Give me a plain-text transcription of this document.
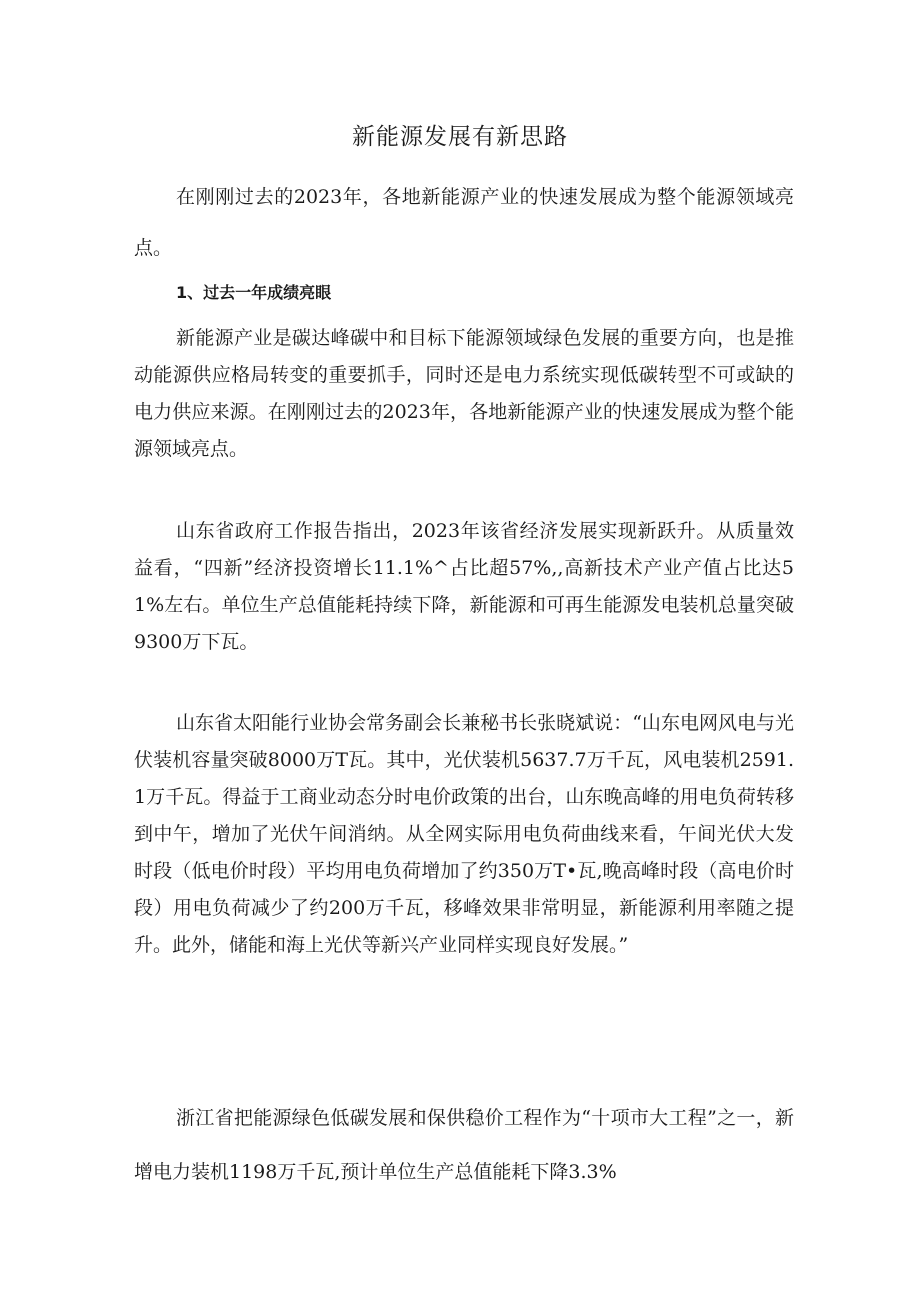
新能源发展有新思路

在刚刚过去的2023年，各地新能源产业的快速发展成为整个能源领域亮点。

1、过去一年成绩亮眼

新能源产业是碳达峰碳中和目标下能源领域绿色发展的重要方向，也是推动能源供应格局转变的重要抓手，同时还是电力系统实现低碳转型不可或缺的电力供应来源。在刚刚过去的2023年，各地新能源产业的快速发展成为整个能源领域亮点。

山东省政府工作报告指出，2023年该省经济发展实现新跃升。从质量效益看，“四新”经济投资增长11.1%^占比超57%,,高新技术产业产值占比达51%左右。单位生产总值能耗持续下降，新能源和可再生能源发电装机总量突破9300万下瓦。

山东省太阳能行业协会常务副会长兼秘书长张晓斌说：“山东电网风电与光伏装机容量突破8000万T瓦。其中，光伏装机5637.7万千瓦，风电装机2591.1万千瓦。得益于工商业动态分时电价政策的出台，山东晚高峰的用电负荷转移到中午，增加了光伏午间消纳。从全网实际用电负荷曲线来看，午间光伏大发时段（低电价时段）平均用电负荷增加了约350万T•瓦,晚高峰时段（高电价时段）用电负荷减少了约200万千瓦，移峰效果非常明显，新能源利用率随之提升。此外，储能和海上光伏等新兴产业同样实现良好发展。”

浙江省把能源绿色低碳发展和保供稳价工程作为“十项市大工程”之一，新增电力装机1198万千瓦,预计单位生产总值能耗下降3.3%
